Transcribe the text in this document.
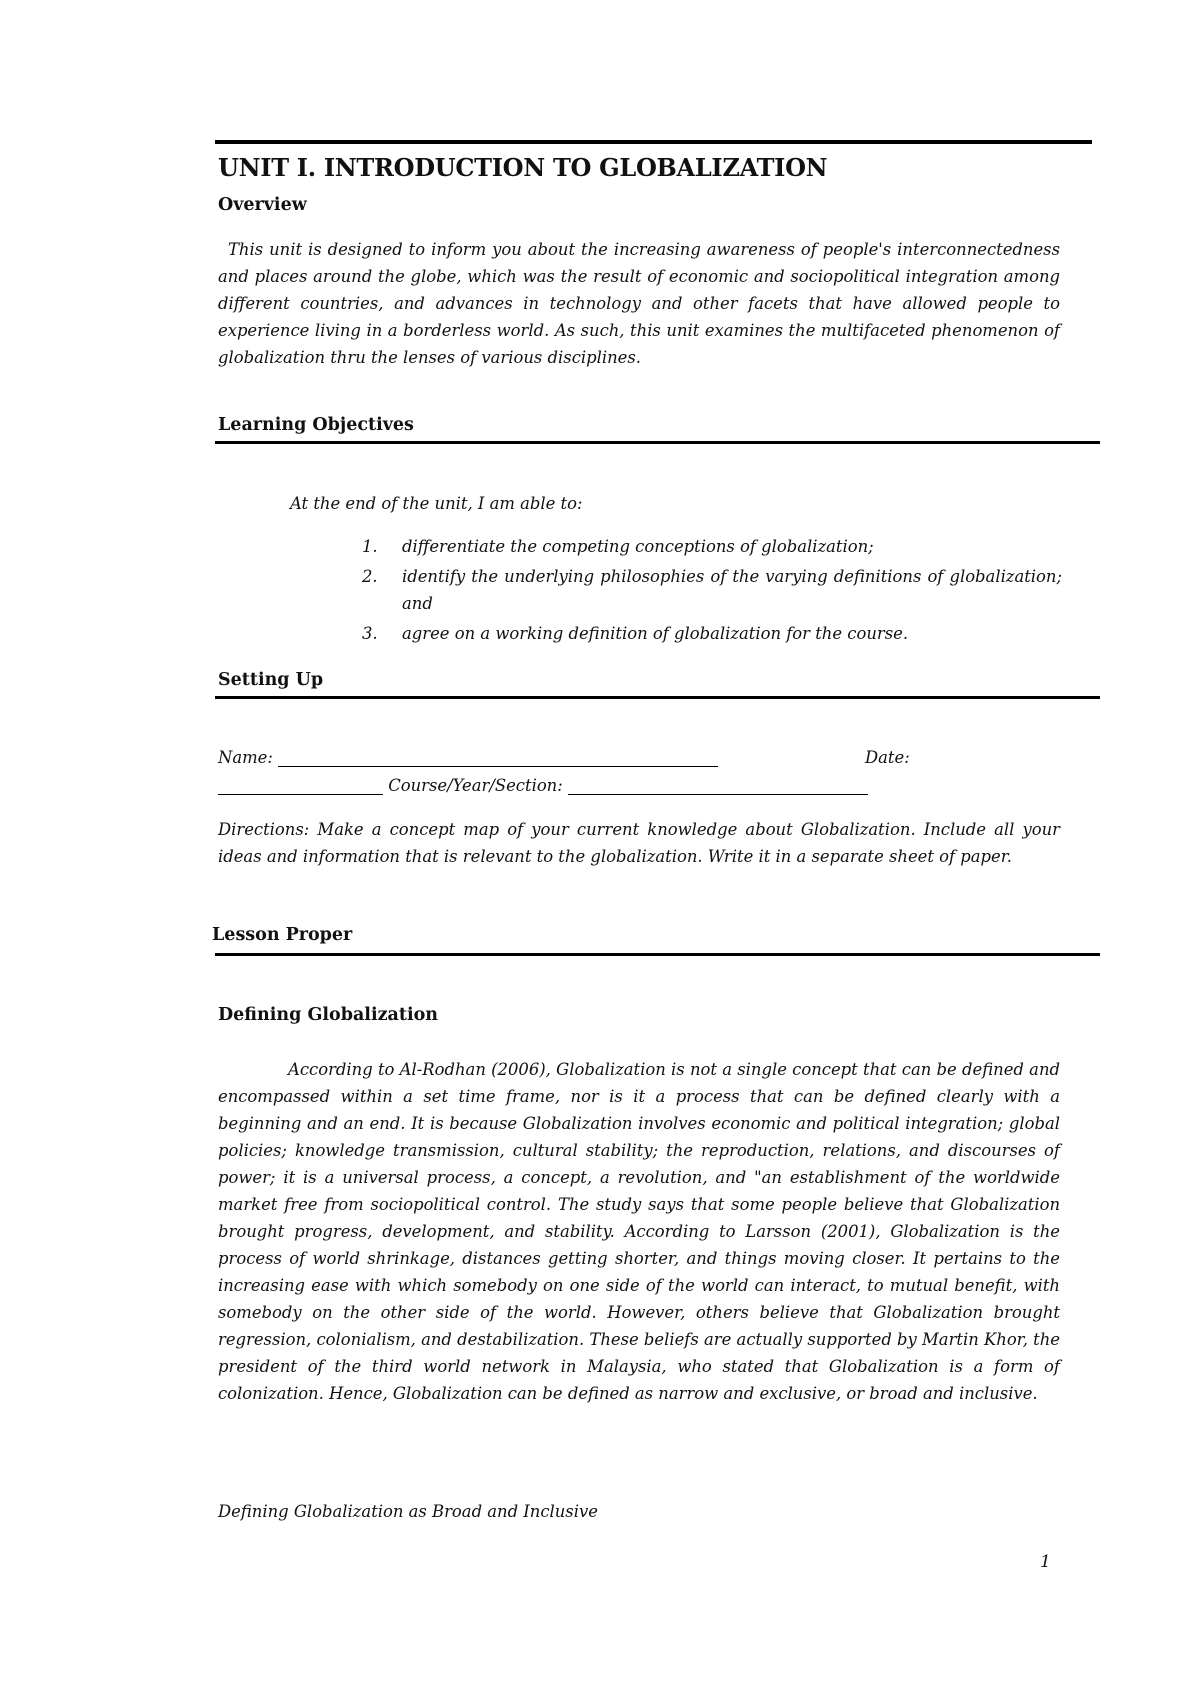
UNIT I. INTRODUCTION TO GLOBALIZATION
Overview

This unit is designed to inform you about the increasing awareness of people's interconnectedness and places around the globe, which was the result of economic and sociopolitical integration among different countries, and advances in technology and other facets that have allowed people to experience living in a borderless world. As such, this unit examines the multifaceted phenomenon of globalization thru the lenses of various disciplines.

Learning Objectives

At the end of the unit, I am able to:

1. differentiate the competing conceptions of globalization;
2. identify the underlying philosophies of the varying definitions of globalization; and
3. agree on a working definition of globalization for the course.
Setting Up
Name:	Date:
Course/Year/Section:

Directions: Make a concept map of your current knowledge about Globalization. Include all your ideas and information that is relevant to the globalization. Write it in a separate sheet of paper.

Lesson Proper
Defining Globalization

According to Al-Rodhan (2006), Globalization is not a single concept that can be defined and encompassed within a set time frame, nor is it a process that can be defined clearly with a beginning and an end. It is because Globalization involves economic and political integration; global policies; knowledge transmission, cultural stability; the reproduction, relations, and discourses of power; it is a universal process, a concept, a revolution, and "an establishment of the worldwide market free from sociopolitical control. The study says that some people believe that Globalization brought progress, development, and stability. According to Larsson (2001), Globalization is the process of world shrinkage, distances getting shorter, and things moving closer. It pertains to the increasing ease with which somebody on one side of the world can interact, to mutual benefit, with somebody on the other side of the world. However, others believe that Globalization brought regression, colonialism, and destabilization. These beliefs are actually supported by Martin Khor, the president of the third world network in Malaysia, who stated that Globalization is a form of colonization. Hence, Globalization can be defined as narrow and exclusive, or broad and inclusive.

Defining Globalization as Broad and Inclusive

1
